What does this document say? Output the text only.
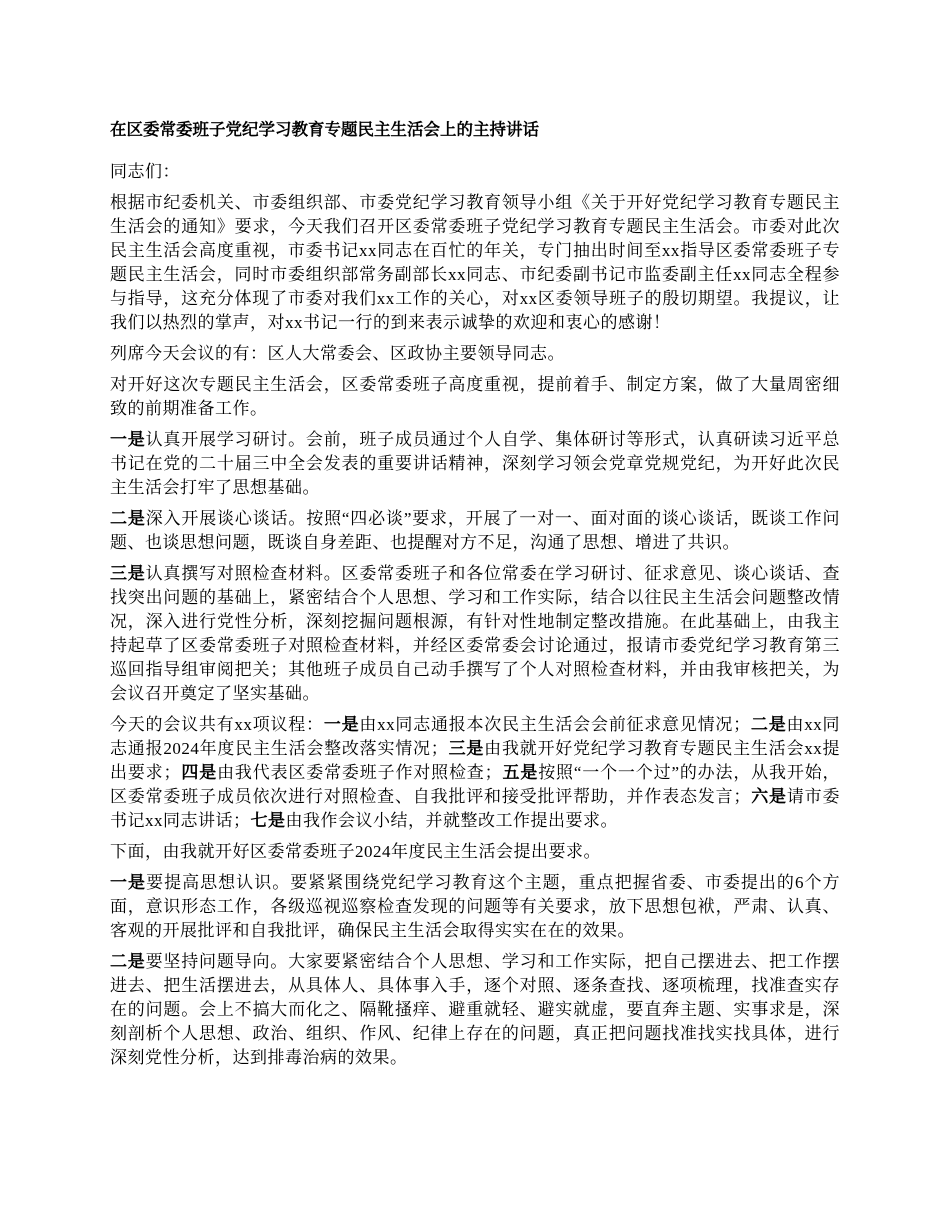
在区委常委班子党纪学习教育专题民主生活会上的主持讲话

同志们：

根据市纪委机关、市委组织部、市委党纪学习教育领导小组《关于开好党纪学习教育专题民主生活会的通知》要求，今天我们召开区委常委班子党纪学习教育专题民主生活会。市委对此次民主生活会高度重视，市委书记xx同志在百忙的年关，专门抽出时间至xx指导区委常委班子专题民主生活会，同时市委组织部常务副部长xx同志、市纪委副书记市监委副主任xx同志全程参与指导，这充分体现了市委对我们xx工作的关心，对xx区委领导班子的殷切期望。我提议，让我们以热烈的掌声，对xx书记一行的到来表示诚挚的欢迎和衷心的感谢！

列席今天会议的有：区人大常委会、区政协主要领导同志。

对开好这次专题民主生活会，区委常委班子高度重视，提前着手、制定方案，做了大量周密细致的前期准备工作。

一是认真开展学习研讨。会前，班子成员通过个人自学、集体研讨等形式，认真研读习近平总书记在党的二十届三中全会发表的重要讲话精神，深刻学习领会党章党规党纪，为开好此次民主生活会打牢了思想基础。

二是深入开展谈心谈话。按照“四必谈”要求，开展了一对一、面对面的谈心谈话，既谈工作问题、也谈思想问题，既谈自身差距、也提醒对方不足，沟通了思想、增进了共识。

三是认真撰写对照检查材料。区委常委班子和各位常委在学习研讨、征求意见、谈心谈话、查找突出问题的基础上，紧密结合个人思想、学习和工作实际，结合以往民主生活会问题整改情况，深入进行党性分析，深刻挖掘问题根源，有针对性地制定整改措施。在此基础上，由我主持起草了区委常委班子对照检查材料，并经区委常委会讨论通过，报请市委党纪学习教育第三巡回指导组审阅把关；其他班子成员自己动手撰写了个人对照检查材料，并由我审核把关，为会议召开奠定了坚实基础。

今天的会议共有xx项议程：一是由xx同志通报本次民主生活会会前征求意见情况；二是由xx同志通报2024年度民主生活会整改落实情况；三是由我就开好党纪学习教育专题民主生活会xx提出要求；四是由我代表区委常委班子作对照检查；五是按照“一个一个过”的办法，从我开始，区委常委班子成员依次进行对照检查、自我批评和接受批评帮助，并作表态发言；六是请市委书记xx同志讲话；七是由我作会议小结，并就整改工作提出要求。

下面，由我就开好区委常委班子2024年度民主生活会提出要求。

一是要提高思想认识。要紧紧围绕党纪学习教育这个主题，重点把握省委、市委提出的6个方面，意识形态工作，各级巡视巡察检查发现的问题等有关要求，放下思想包袱，严肃、认真、客观的开展批评和自我批评，确保民主生活会取得实实在在的效果。

二是要坚持问题导向。大家要紧密结合个人思想、学习和工作实际，把自己摆进去、把工作摆进去、把生活摆进去，从具体人、具体事入手，逐个对照、逐条查找、逐项梳理，找准查实存在的问题。会上不搞大而化之、隔靴搔痒、避重就轻、避实就虚，要直奔主题、实事求是，深刻剖析个人思想、政治、组织、作风、纪律上存在的问题，真正把问题找准找实找具体，进行深刻党性分析，达到排毒治病的效果。
